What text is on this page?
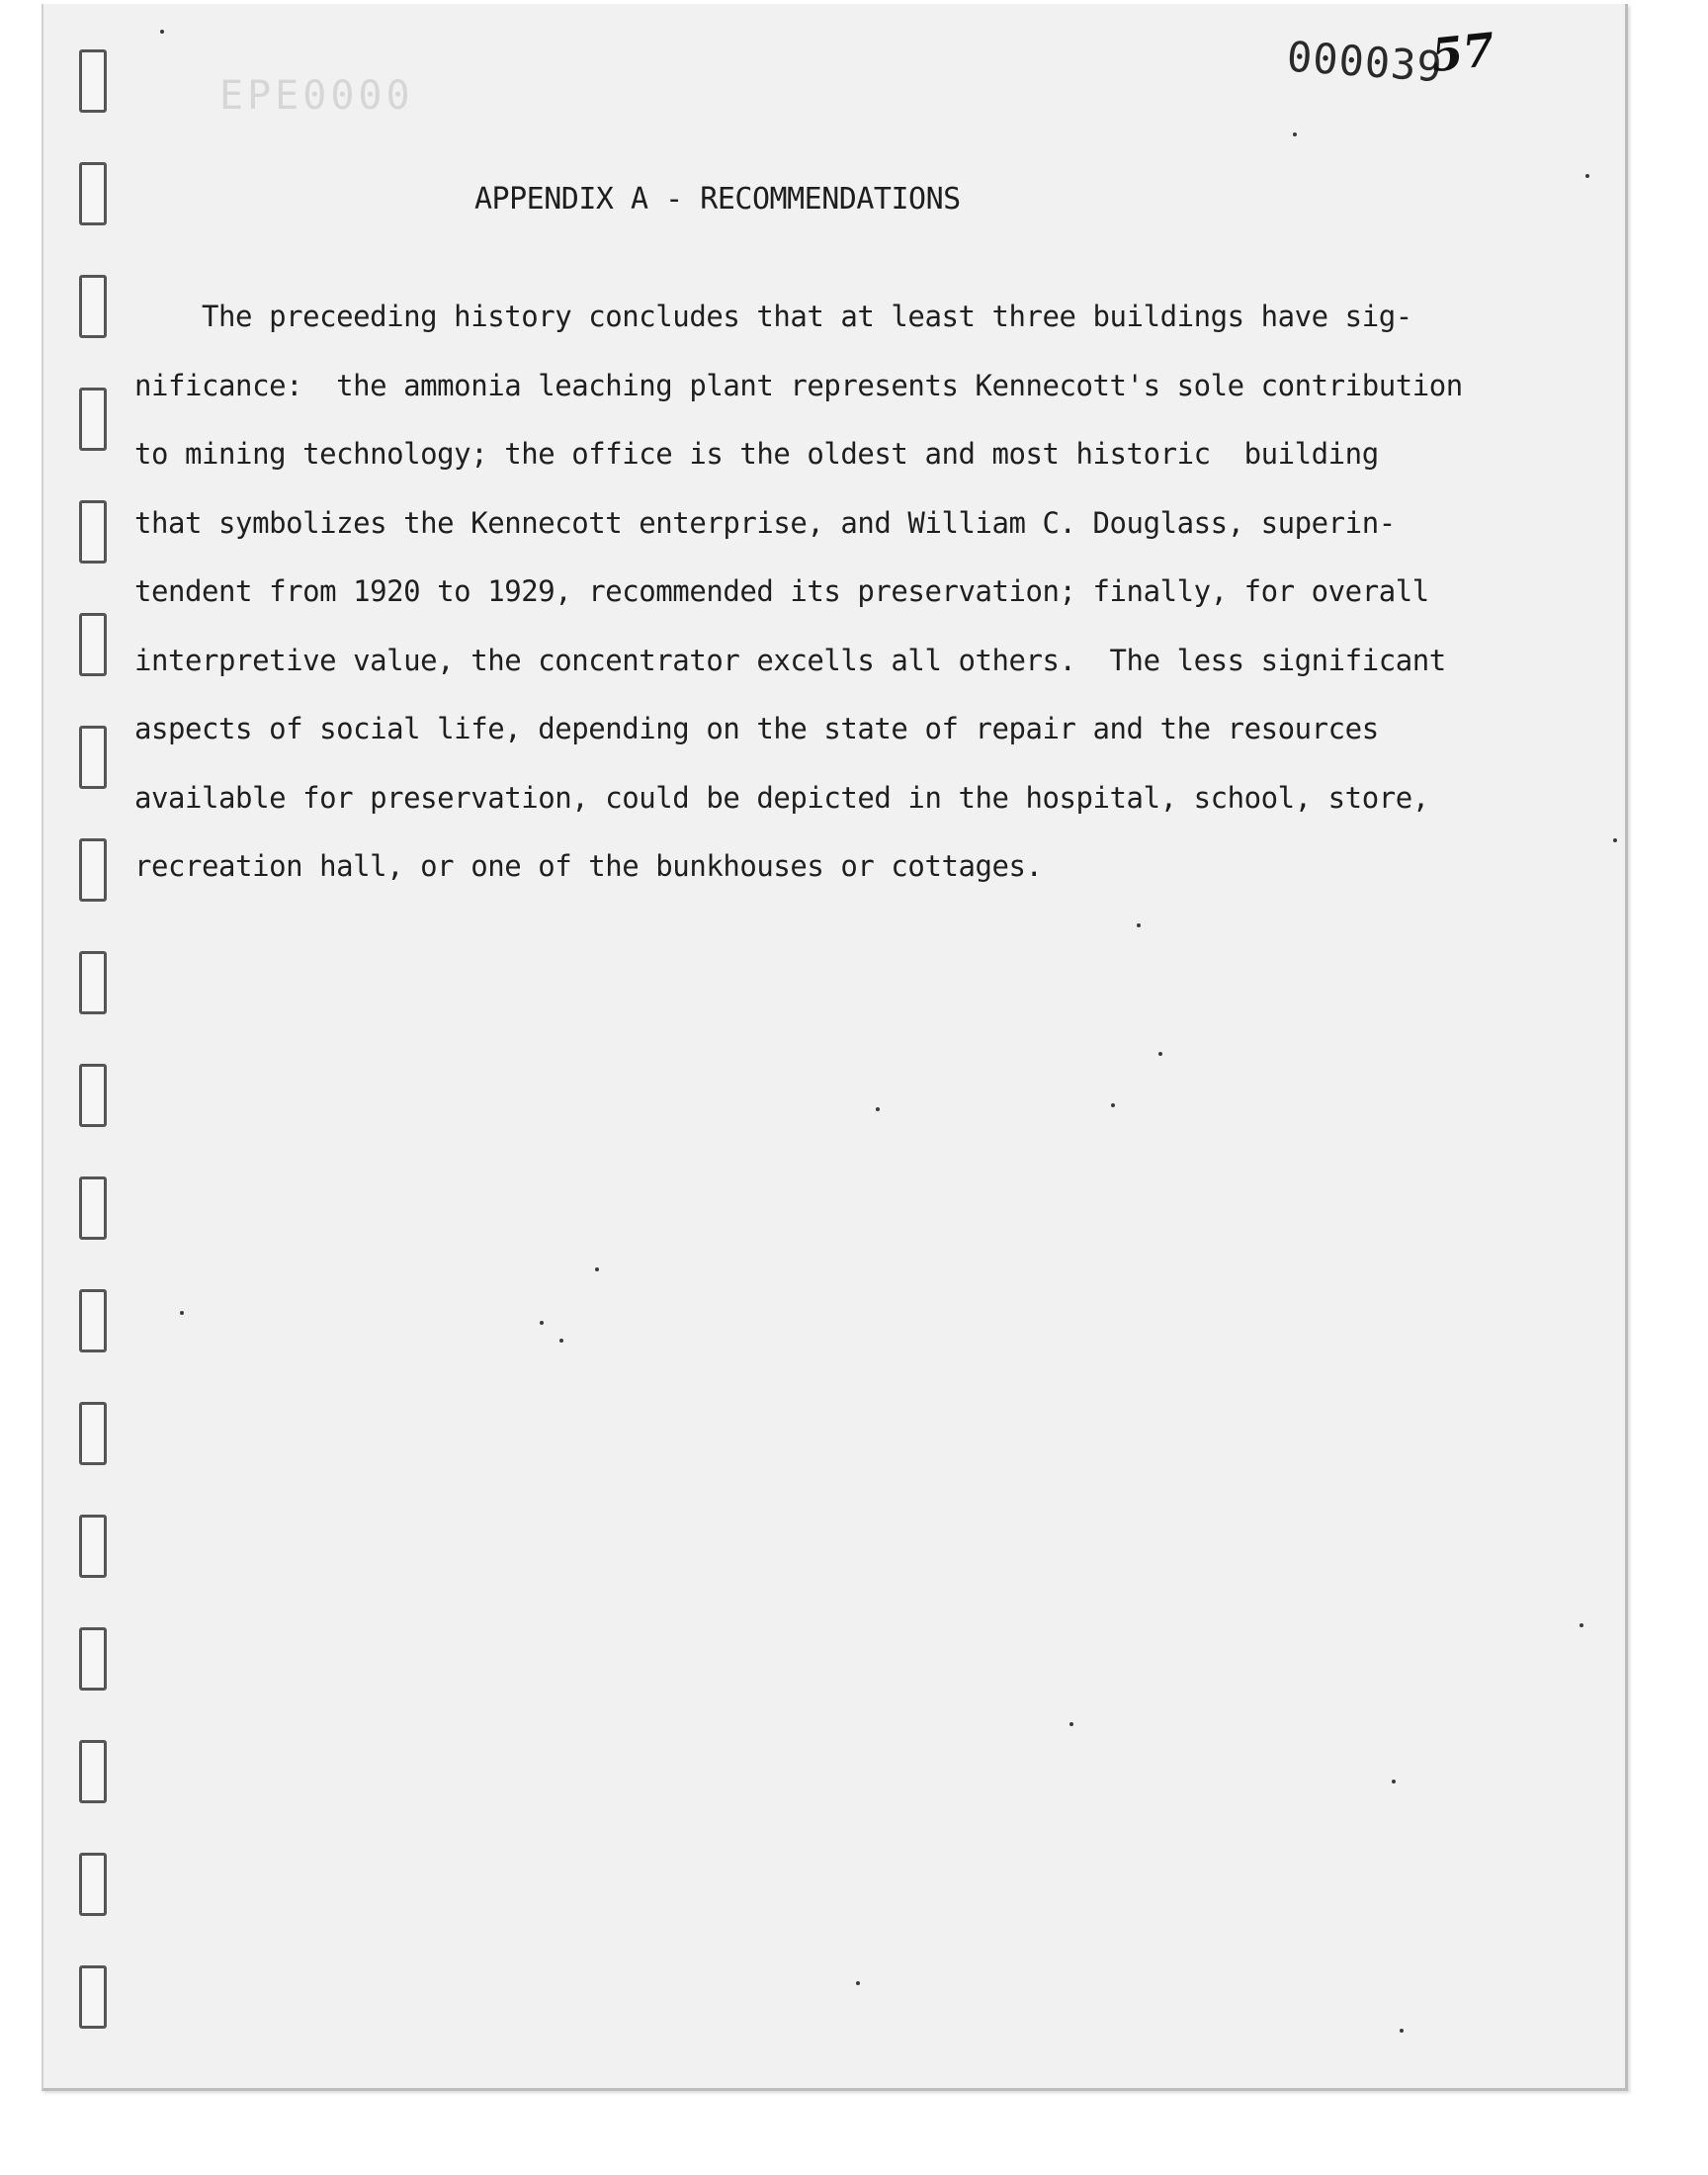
EPE0000
000039
57
APPENDIX A - RECOMMENDATIONS
The preceeding history concludes that at least three buildings have sig-
nificance:  the ammonia leaching plant represents Kennecott's sole contribution
to mining technology; the office is the oldest and most historic  building
that symbolizes the Kennecott enterprise, and William C. Douglass, superin-
tendent from 1920 to 1929, recommended its preservation; finally, for overall
interpretive value, the concentrator excells all others.  The less significant
aspects of social life, depending on the state of repair and the resources
available for preservation, could be depicted in the hospital, school, store,
recreation hall, or one of the bunkhouses or cottages.
